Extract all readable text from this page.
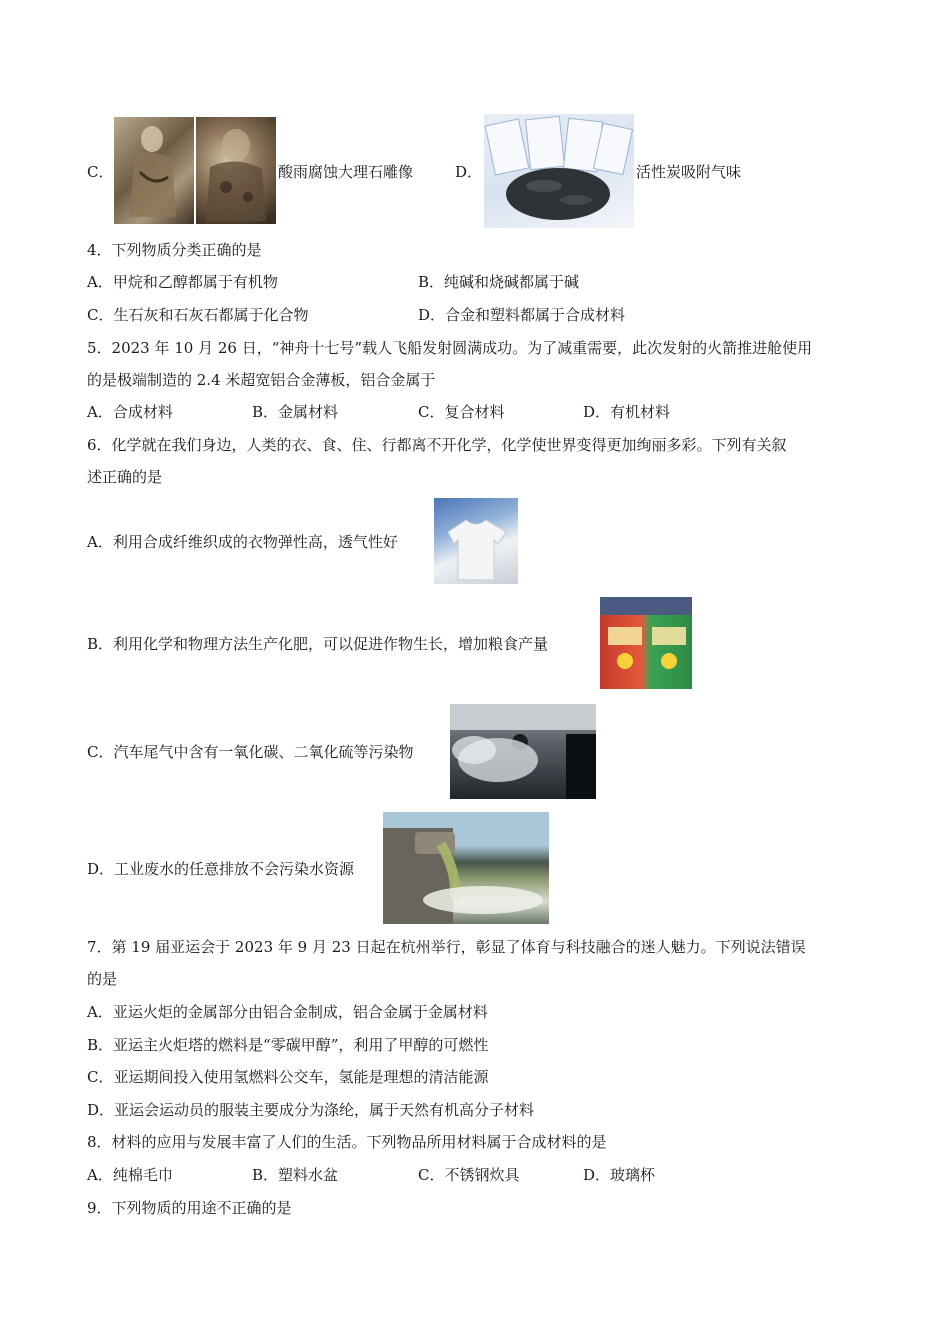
C．	酸雨腐蚀大理石雕像	D．	活性炭吸附气味
4．下列物质分类正确的是
A．甲烷和乙醇都属于有机物	B．纯碱和烧碱都属于碱
C．生石灰和石灰石都属于化合物	D．合金和塑料都属于合成材料
5．2023 年 10 月 26 日，“神舟十七号”载人飞船发射圆满成功。为了减重需要，此次发射的火箭推进舱使用
的是极端制造的 2.4 米超宽铝合金薄板，铝合金属于
A．合成材料	B．金属材料	C．复合材料	D．有机材料
6．化学就在我们身边，人类的衣、食、住、行都离不开化学，化学使世界变得更加绚丽多彩。下列有关叙
述正确的是
A．利用合成纤维织成的衣物弹性高，透气性好
B．利用化学和物理方法生产化肥，可以促进作物生长，增加粮食产量
C．汽车尾气中含有一氧化碳、二氧化硫等污染物
D．工业废水的任意排放不会污染水资源
7．第 19 届亚运会于 2023 年 9 月 23 日起在杭州举行，彰显了体育与科技融合的迷人魅力。下列说法错误
的是
A．亚运火炬的金属部分由铝合金制成，铝合金属于金属材料
B．亚运主火炬塔的燃料是“零碳甲醇”，利用了甲醇的可燃性
C．亚运期间投入使用氢燃料公交车，氢能是理想的清洁能源
D．亚运会运动员的服装主要成分为涤纶，属于天然有机高分子材料
8．材料的应用与发展丰富了人们的生活。下列物品所用材料属于合成材料的是
A．纯棉毛巾	B．塑料水盆	C．不锈钢炊具	D．玻璃杯
9．下列物质的用途不正确的是
